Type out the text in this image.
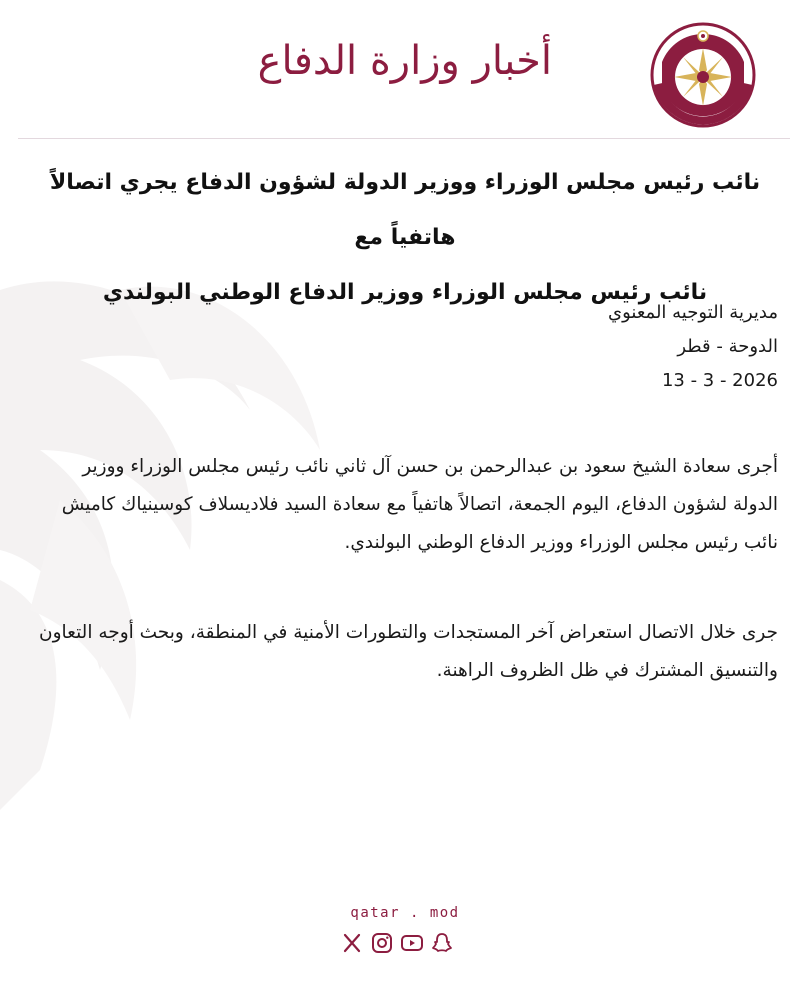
أخبار وزارة الدفاع
نائب رئيس مجلس الوزراء ووزير الدولة لشؤون الدفاع يجري اتصالاً هاتفياً مع
نائب رئيس مجلس الوزراء ووزير الدفاع الوطني البولندي
مديرية التوجيه المعنوي
الدوحة - قطر
13 - 3 - 2026

أجرى سعادة الشيخ سعود بن عبدالرحمن بن حسن آل ثاني نائب رئيس مجلس الوزراء ووزير الدولة لشؤون الدفاع، اليوم الجمعة، اتصالاً هاتفياً مع سعادة السيد فلاديسلاف كوسينياك كاميش نائب رئيس مجلس الوزراء ووزير الدفاع الوطني البولندي.

جرى خلال الاتصال استعراض آخر المستجدات والتطورات الأمنية في المنطقة، وبحث أوجه التعاون والتنسيق المشترك في ظل الظروف الراهنة.

qatar . mod
